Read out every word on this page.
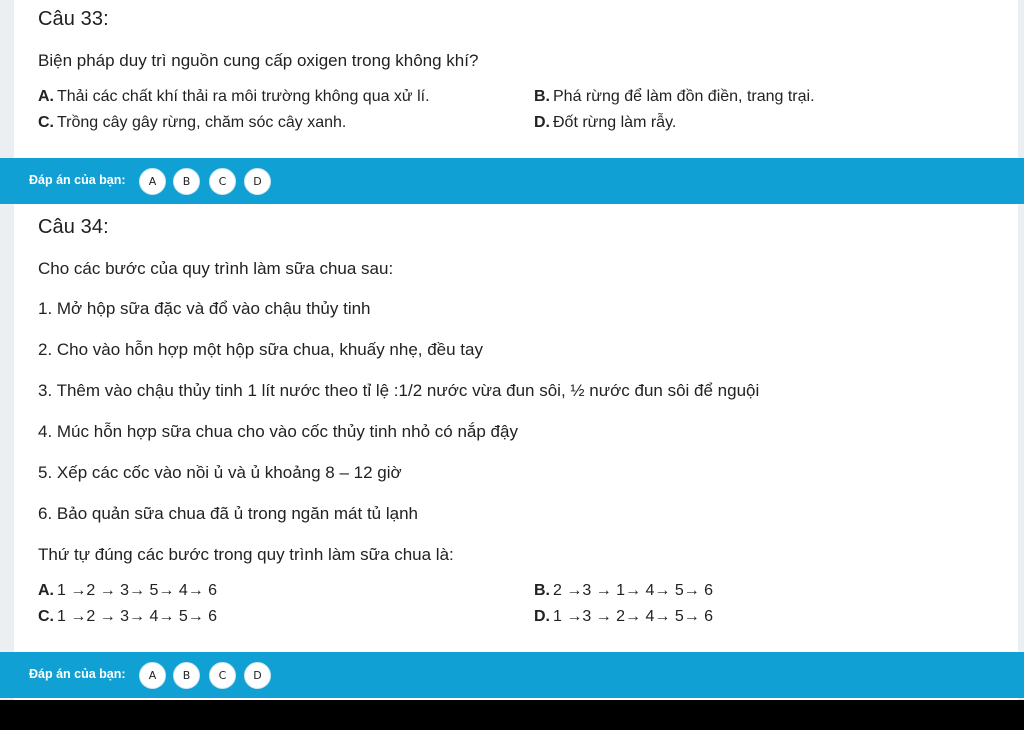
Câu 33:
Biện pháp duy trì nguồn cung cấp oxigen trong không khí?
A. Thải các chất khí thải ra môi trường không qua xử lí.	B. Phá rừng để làm đồn điền, trang trại.
C. Trồng cây gây rừng, chăm sóc cây xanh.	D. Đốt rừng làm rẫy.
Đáp án của bạn:	A	B	C	D
Câu 34:
Cho các bước của quy trình làm sữa chua sau:
1. Mở hộp sữa đặc và đổ vào chậu thủy tinh
2. Cho vào hỗn hợp một hộp sữa chua, khuấy nhẹ, đều tay
3. Thêm vào chậu thủy tinh 1 lít nước theo tỉ lệ :1/2 nước vừa đun sôi, ½ nước đun sôi để nguội
4. Múc hỗn hợp sữa chua cho vào cốc thủy tinh nhỏ có nắp đậy
5. Xếp các cốc vào nồi ủ và ủ khoảng 8 – 12 giờ
6. Bảo quản sữa chua đã ủ trong ngăn mát tủ lạnh
Thứ tự đúng các bước trong quy trình làm sữa chua là:
A. 1 →2 → 3→ 5→ 4→ 6	B. 2 →3 → 1→ 4→ 5→ 6
C. 1 →2 → 3→ 4→ 5→ 6	D. 1 →3 → 2→ 4→ 5→ 6
Đáp án của bạn:	A	B	C	D
